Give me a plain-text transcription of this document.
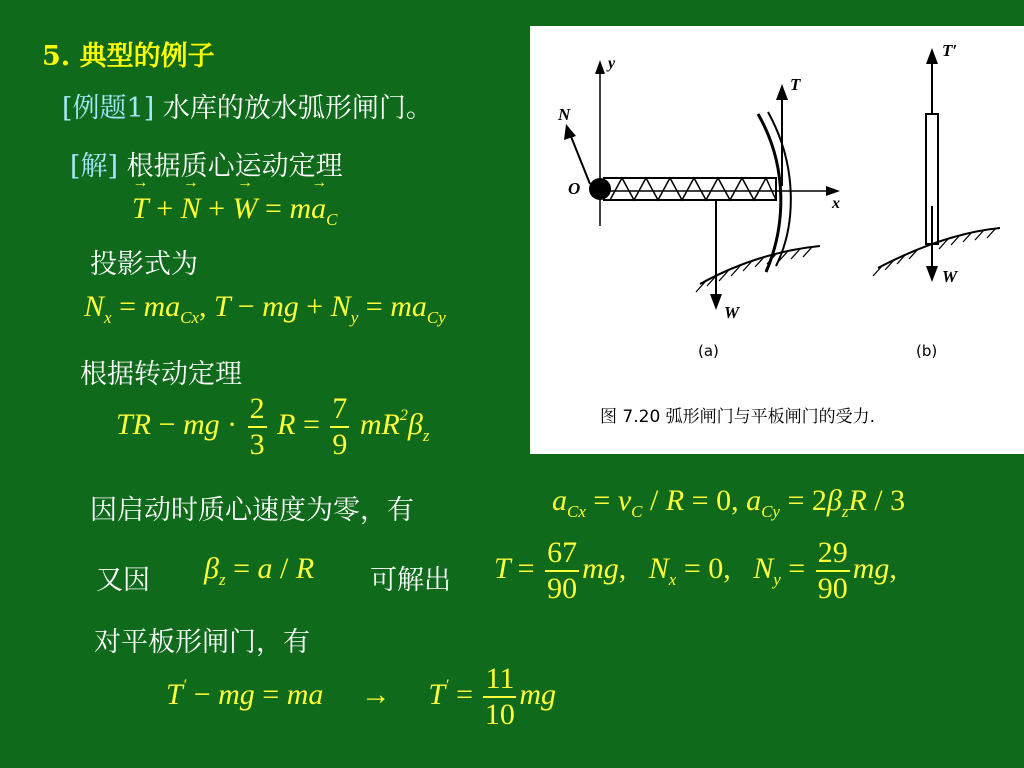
5. 典型的例子
[例题1] 水库的放水弧形闸门。
[解] 根据质心运动定理
→ T + → N + → $W = m\to a_C$
投影式为
$N_x = ma_{Cx}$, T − mg + $N_y = ma_{Cy}$
根据转动定理
TR − mg · $\frac{2}{3}$ $R = \frac{7}{9} mR^2\beta_z$
因启动时质心速度为零，有	$a_{Cx} = v_C / R = 0$, $a_{Cy} = 2\beta_zR / 3$
又因 $\beta_z = a / R$ 可解出 $T = \frac{67}{90}$ mg,   $N_x = 0$,   $N_y = \frac{29}{90}$ mg,
对平板形闸门，有
T′ − mg = ma     →     $T' = \frac{11}{10}$ mg
y
x
O
N
T
W
(a)
T′
W
(b)
图 7.20 弧形闸门与平板闸门的受力.
